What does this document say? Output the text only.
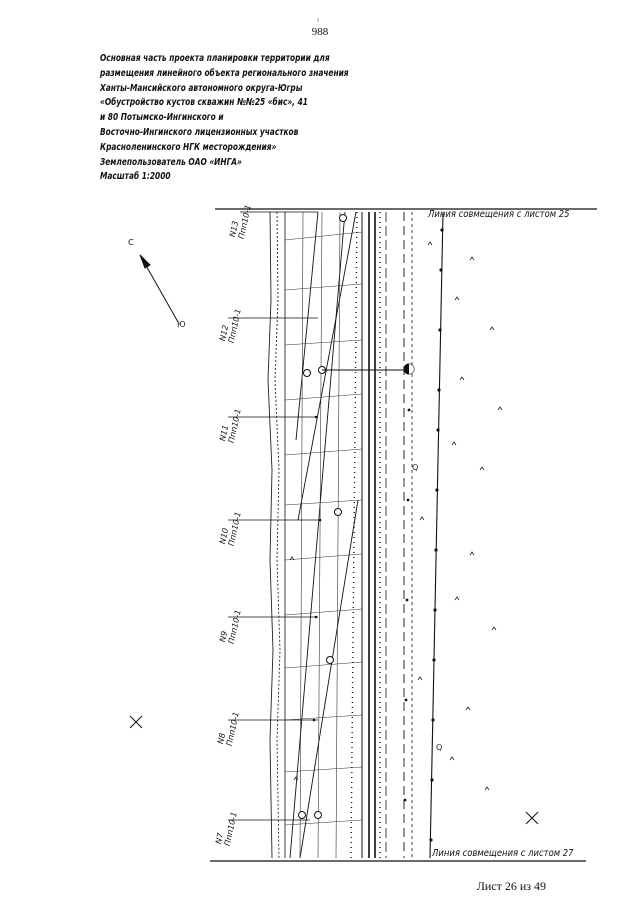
988
Основная часть проекта планировки территории для
размещения линейного объекта регионального значения
Ханты-Мансийского автономного округа-Югры
«Обустройство кустов скважин №№25 «бис», 41
и 80 Потымско-Ингинского и
Восточно-Ингинского лицензионных участков
Красноленинского НГК месторождения»
Землепользователь ОАО «ИНГА»
Масштаб 1:2000
Q
Q
С
Ю
Линия совмещения с листом 25
Линия совмещения с листом 27
N13
Ппп10-1
N12
Ппп10-1
N11
Ппп10-1
N10
Ппп10-1
N9
Ппп10-1
N8
Ппп10-1
N7
Ппп10-1
Лист 26 из 49
